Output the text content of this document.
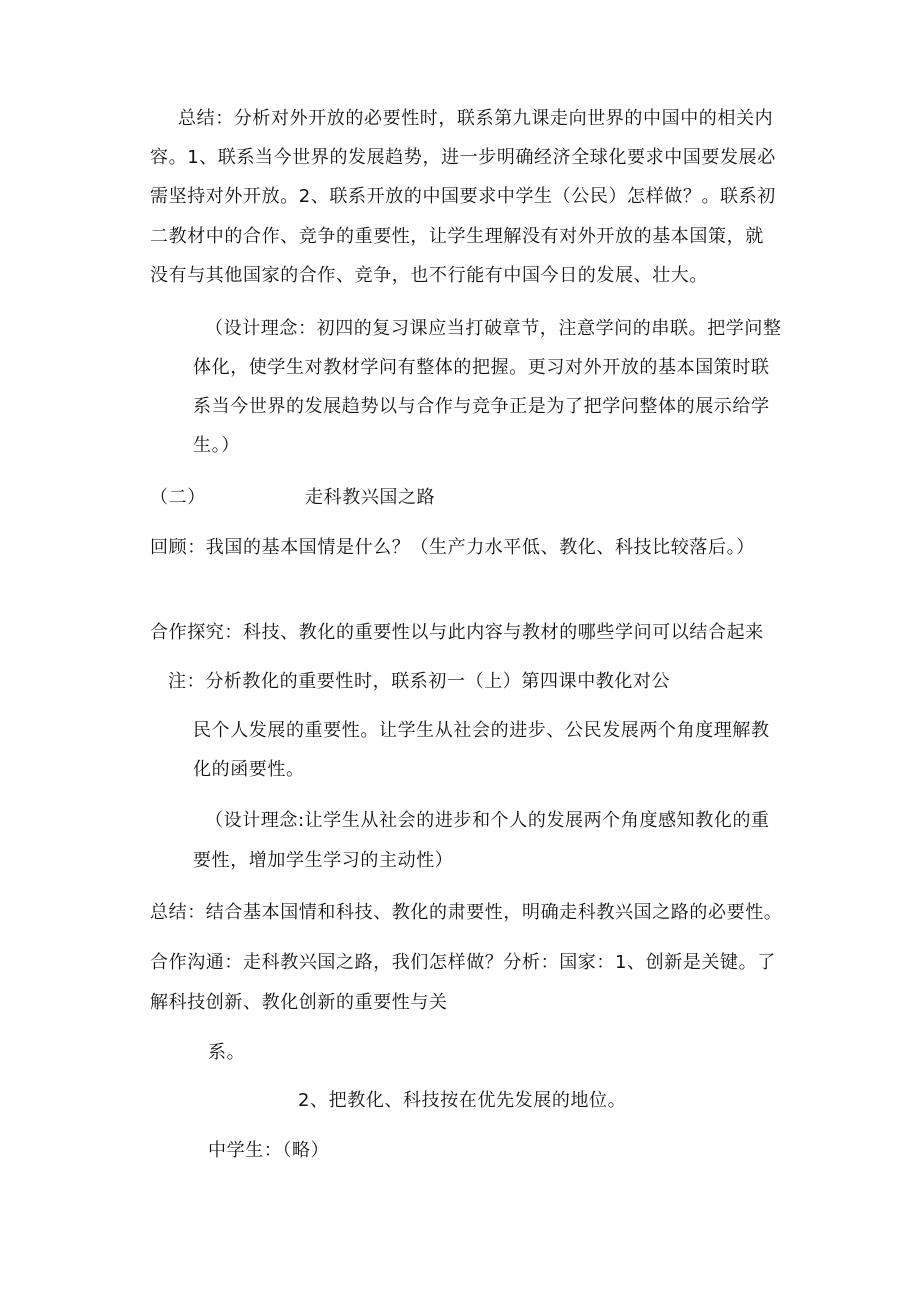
总结：分析对外开放的必要性时，联系第九课走向世界的中国中的相关内
容。1、联系当今世界的发展趋势，进一步明确经济全球化要求中国要发展必
需坚持对外开放。2、联系开放的中国要求中学生（公民）怎样做？。联系初
二教材中的合作、竞争的重要性，让学生理解没有对外开放的基本国策，就
没有与其他国家的合作、竞争，也不行能有中国今日的发展、壮大。
（设计理念：初四的复习课应当打破章节，注意学问的串联。把学问整
体化，使学生对教材学问有整体的把握。更习对外开放的基本国策时联
系当今世界的发展趋势以与合作与竞争正是为了把学问整体的展示给学
生。）
（二）	走科教兴国之路
回顾：我国的基本国情是什么？（生产力水平低、教化、科技比较落后。）
合作探究：科技、教化的重要性以与此内容与教材的哪些学问可以结合起来
注：分析教化的重要性时，联系初一（上）第四课中教化对公
民个人发展的重要性。让学生从社会的进步、公民发展两个角度理解教
化的函要性。
（设计理念:让学生从社会的进步和个人的发展两个角度感知教化的重
要性，增加学生学习的主动性）
总结：结合基本国情和科技、教化的肃要性，明确走科教兴国之路的必要性。
合作沟通：走科教兴国之路，我们怎样做？分析：国家：1、创新是关键。了
解科技创新、教化创新的重要性与关
系。
2、把教化、科技按在优先发展的地位。
中学生：（略）
